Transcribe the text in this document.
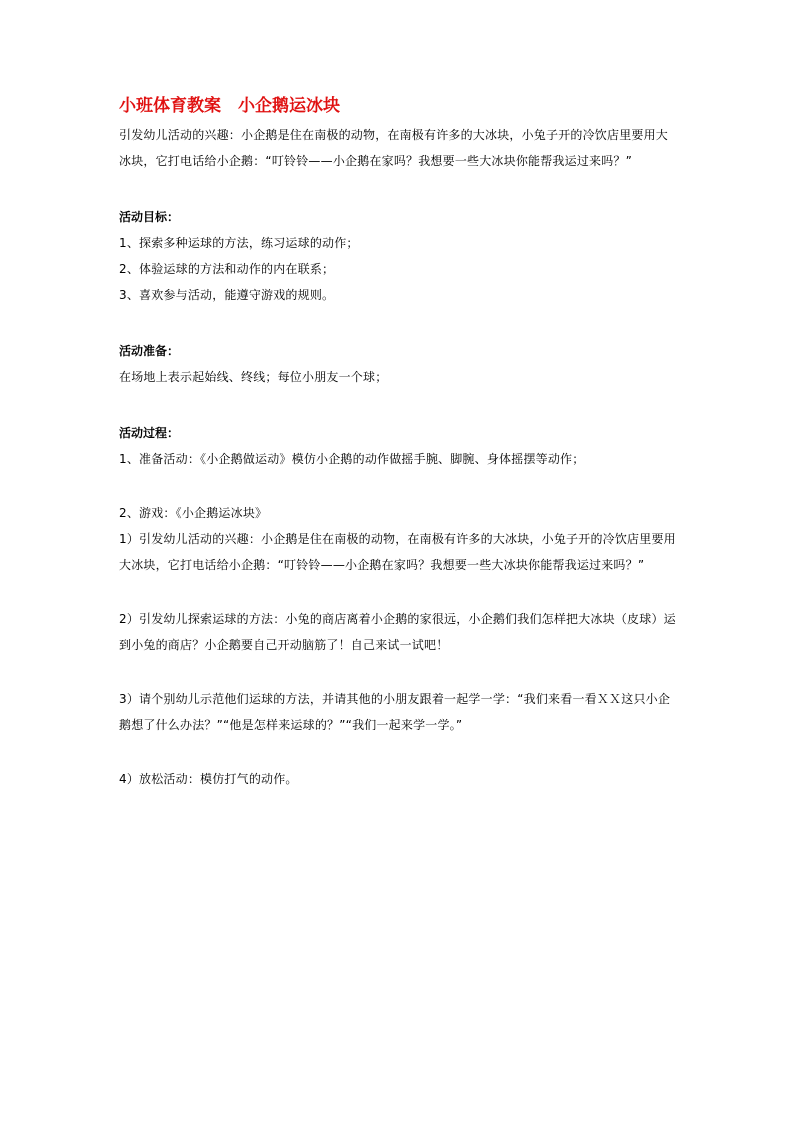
小班体育教案　小企鹅运冰块

引发幼儿活动的兴趣：小企鹅是住在南极的动物，在南极有许多的大冰块，小兔子开的冷饮店里要用大冰块，它打电话给小企鹅：“叮铃铃——小企鹅在家吗？我想要一些大冰块你能帮我运过来吗？”

活动目标：

1、探索多种运球的方法，练习运球的动作；

2、体验运球的方法和动作的内在联系；

3、喜欢参与活动，能遵守游戏的规则。

活动准备：

在场地上表示起始线、终线；每位小朋友一个球；

活动过程：

1、准备活动：《小企鹅做运动》模仿小企鹅的动作做摇手腕、脚腕、身体摇摆等动作；

2、游戏：《小企鹅运冰块》

1）引发幼儿活动的兴趣：小企鹅是住在南极的动物，在南极有许多的大冰块，小兔子开的冷饮店里要用大冰块，它打电话给小企鹅：“叮铃铃——小企鹅在家吗？我想要一些大冰块你能帮我运过来吗？”

2）引发幼儿探索运球的方法：小兔的商店离着小企鹅的家很远，小企鹅们我们怎样把大冰块（皮球）运到小兔的商店？小企鹅要自己开动脑筋了！自己来试一试吧！

3）请个别幼儿示范他们运球的方法，并请其他的小朋友跟着一起学一学：“我们来看一看ＸＸ这只小企鹅想了什么办法？”“他是怎样来运球的？”“我们一起来学一学。”

4）放松活动：模仿打气的动作。
